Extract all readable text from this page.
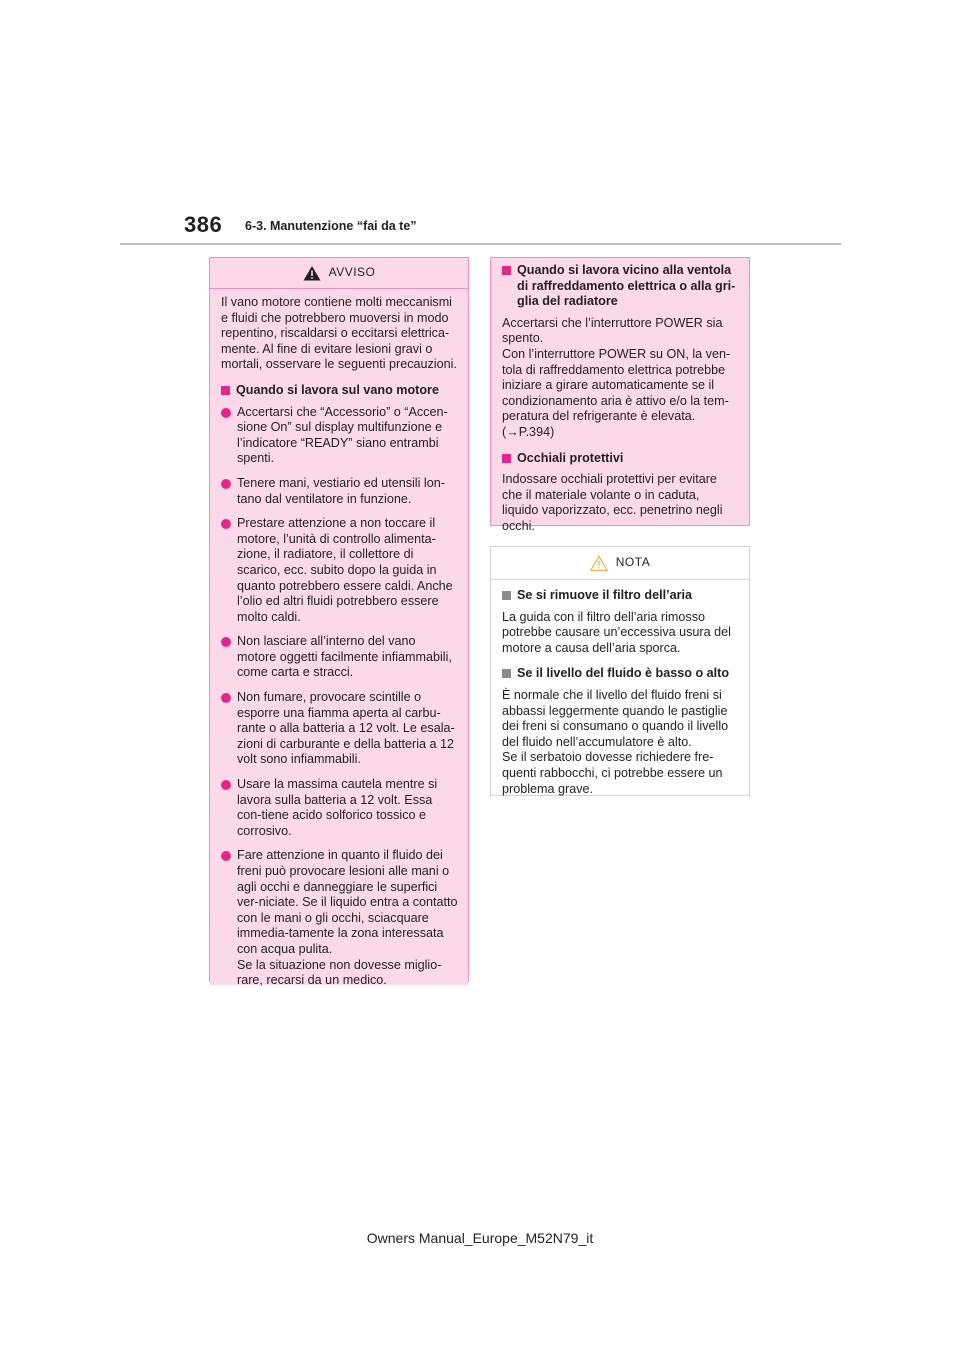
386 6-3. Manutenzione “fai da te”
AVVISO

Il vano motore contiene molti meccanismi e fluidi che potrebbero muoversi in modo repentino, riscaldarsi o eccitarsi elettrica-mente. Al fine di evitare lesioni gravi o mortali, osservare le seguenti precauzioni.

Quando si lavora sul vano motore
Accertarsi che “Accessorio” o “Accen-sione On” sul display multifunzione e l’indicatore “READY” siano entrambi spenti.
Tenere mani, vestiario ed utensili lon-tano dal ventilatore in funzione.
Prestare attenzione a non toccare il motore, l’unità di controllo alimenta-zione, il radiatore, il collettore di scarico, ecc. subito dopo la guida in quanto potrebbero essere caldi. Anche l’olio ed altri fluidi potrebbero essere molto caldi.
Non lasciare all’interno del vano motore oggetti facilmente infiammabili, come carta e stracci.
Non fumare, provocare scintille o esporre una fiamma aperta al carbu-rante o alla batteria a 12 volt. Le esala-zioni di carburante e della batteria a 12 volt sono infiammabili.
Usare la massima cautela mentre si lavora sulla batteria a 12 volt. Essa con-tiene acido solforico tossico e corrosivo.
Fare attenzione in quanto il fluido dei freni può provocare lesioni alle mani o agli occhi e danneggiare le superfici ver-niciate. Se il liquido entra a contatto con le mani o gli occhi, sciacquare immedia-tamente la zona interessata con acqua pulita.
Se la situazione non dovesse miglio-rare, recarsi da un medico.
Quando si lavora vicino alla ventola di raffreddamento elettrica o alla gri-glia del radiatore

Accertarsi che l’interruttore POWER sia spento.
Con l’interruttore POWER su ON, la ven-tola di raffreddamento elettrica potrebbe iniziare a girare automaticamente se il condizionamento aria è attivo e/o la tem-peratura del refrigerante è elevata.
(→P.394)

Occhiali protettivi

Indossare occhiali protettivi per evitare che il materiale volante o in caduta, liquido vaporizzato, ecc. penetrino negli occhi.

NOTA
Se si rimuove il filtro dell’aria

La guida con il filtro dell’aria rimosso potrebbe causare un’eccessiva usura del motore a causa dell’aria sporca.

Se il livello del fluido è basso o alto

È normale che il livello del fluido freni si abbassi leggermente quando le pastiglie dei freni si consumano o quando il livello del fluido nell’accumulatore è alto.
Se il serbatoio dovesse richiedere fre-quenti rabbocchi, ci potrebbe essere un problema grave.

Owners Manual_Europe_M52N79_it
